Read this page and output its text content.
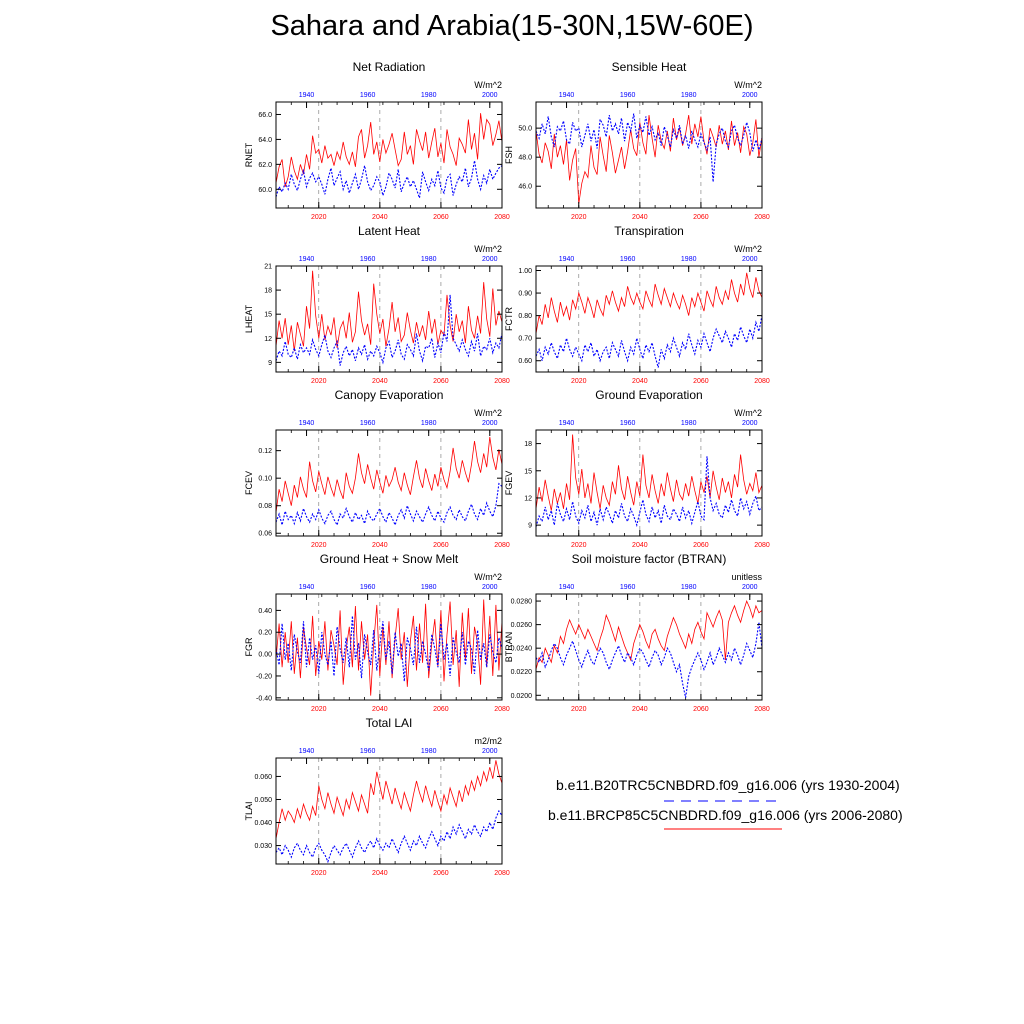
Sahara and Arabia(15-30N,15W-60E)
Net Radiation
W/m^2
RNET
60.0
62.0
64.0
66.0
2020	2040	2060	2080
1940	1960	1980	2000
Sensible Heat
W/m^2
FSH
46.0
48.0
50.0
2020	2040	2060	2080
1940	1960	1980	2000
Latent Heat
W/m^2
LHEAT
9
12
15
18
21
2020	2040	2060	2080
1940	1960	1980	2000
Transpiration
W/m^2
FCTR
0.60
0.70
0.80
0.90
1.00
2020	2040	2060	2080
1940	1960	1980	2000
Canopy Evaporation
W/m^2
FCEV
0.06
0.08
0.10
0.12
2020	2040	2060	2080
1940	1960	1980	2000
Ground Evaporation
W/m^2
FGEV
9
12
15
18
2020	2040	2060	2080
1940	1960	1980	2000
Ground Heat + Snow Melt
W/m^2
FGR
-0.40
-0.20
0.00
0.20
0.40
2020	2040	2060	2080
1940	1960	1980	2000
Soil moisture factor (BTRAN)
unitless
BTRAN
0.0200
0.0220
0.0240
0.0260
0.0280
2020	2040	2060	2080
1940	1960	1980	2000
Total LAI
m2/m2
TLAI
0.030
0.040
0.050
0.060
2020	2040	2060	2080
1940	1960	1980	2000
b.e11.B20TRC5CNBDRD.f09_g16.006 (yrs 1930-2004)
b.e11.BRCP85C5CNBDRD.f09_g16.006 (yrs 2006-2080)
